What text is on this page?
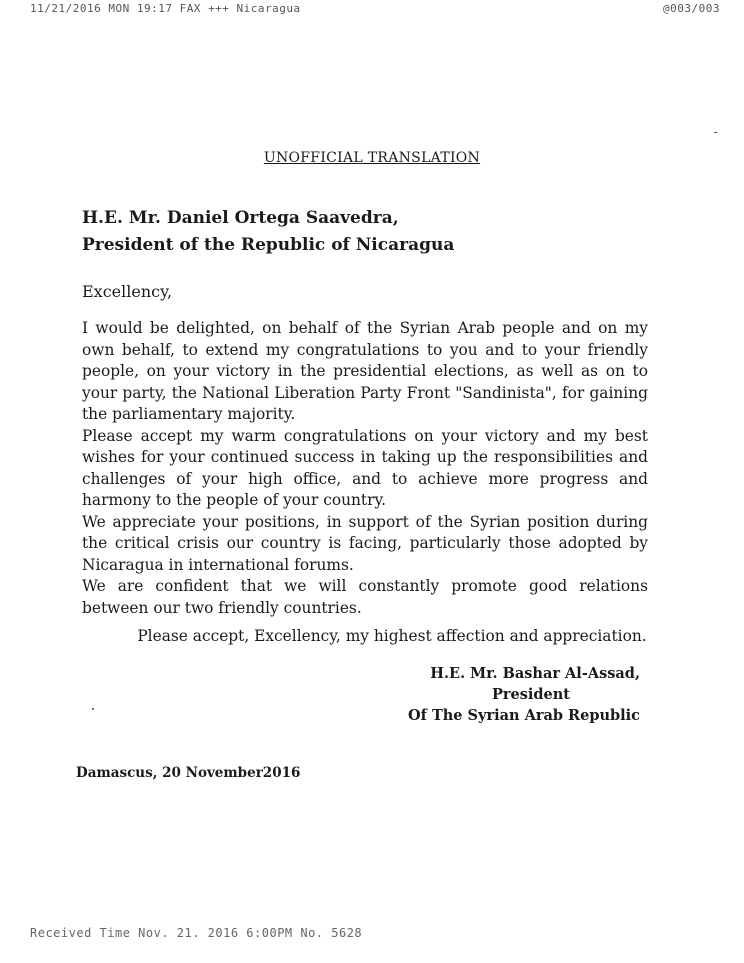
11/21/2016 MON 19:17 FAX +++ Nicaragua	@003/003
UNOFFICIAL TRANSLATION
H.E. Mr. Daniel Ortega Saavedra,
President of the Republic of Nicaragua
Excellency,

I would be delighted, on behalf of the Syrian Arab people and on my own behalf, to extend my congratulations to you and to your friendly people, on your victory in the presidential elections, as well as on to your party, the National Liberation Party Front "Sandinista", for gaining the parliamentary majority.

Please accept my warm congratulations on your victory and my best wishes for your continued success in taking up the responsibilities and challenges of your high office, and to achieve more progress and harmony to the people of your country.

We appreciate your positions, in support of the Syrian position during the critical crisis our country is facing, particularly those adopted by Nicaragua in international forums.

We are confident that we will constantly promote good relations between our two friendly countries.

Please accept, Excellency, my highest affection and appreciation.
H.E. Mr. Bashar Al-Assad,
President
Of The Syrian Arab Republic
Damascus, 20 November2016
Received Time Nov. 21. 2016 6:00PM No. 5628
